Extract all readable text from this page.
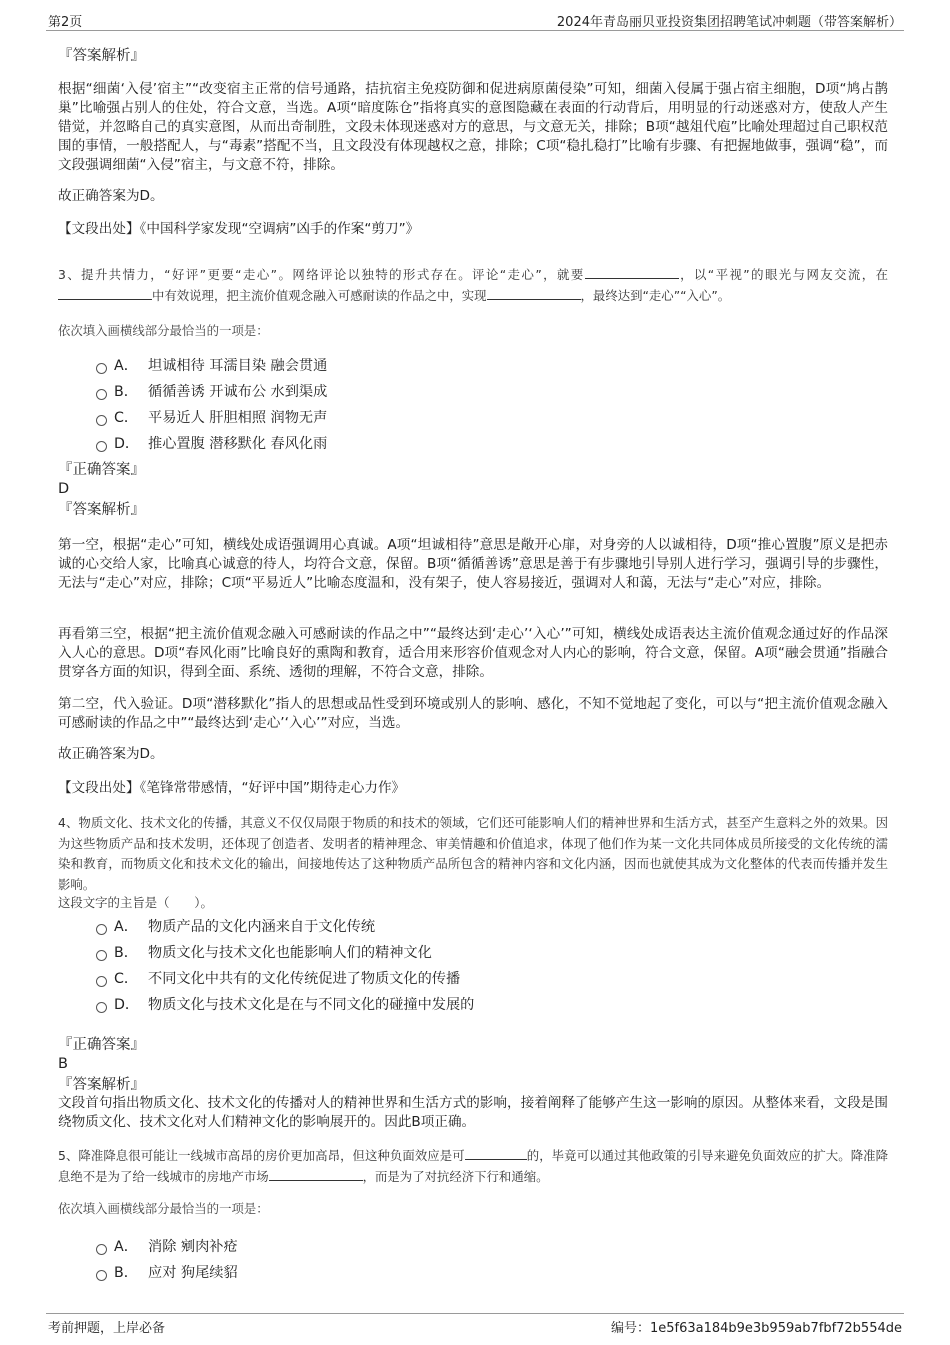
第2页	2024年青岛丽贝亚投资集团招聘笔试冲刺题（带答案解析）
『答案解析』
根据“细菌‘入侵’宿主”“改变宿主正常的信号通路，拮抗宿主免疫防御和促进病原菌侵染”可知，细菌入侵属于强占宿主细胞，D项“鸠占鹊巢”比喻强占别人的住处，符合文意，当选。A项“暗度陈仓”指将真实的意图隐藏在表面的行动背后，用明显的行动迷惑对方，使敌人产生错觉，并忽略自己的真实意图，从而出奇制胜，文段未体现迷惑对方的意思，与文意无关，排除；B项“越俎代庖”比喻处理超过自己职权范围的事情，一般搭配人，与“毒素”搭配不当，且文段没有体现越权之意，排除；C项“稳扎稳打”比喻有步骤、有把握地做事，强调“稳”，而文段强调细菌“入侵”宿主，与文意不符，排除。
故正确答案为D。
【文段出处】《中国科学家发现“空调病”凶手的作案“剪刀”》
3、提升共情力，“好评”更要“走心”。网络评论以独特的形式存在。评论“走心”，就要	，以“平视”的眼光与网友交流，在中有效说理，把主流价值观念融入可感耐读的作品之中，实现	，最终达到“走心”“入心”。
依次填入画横线部分最恰当的一项是：
A． 坦诚相待 耳濡目染 融会贯通
B． 循循善诱 开诚布公 水到渠成
C． 平易近人 肝胆相照 润物无声
D． 推心置腹 潜移默化 春风化雨
『正确答案』
D
『答案解析』
第一空，根据“走心”可知，横线处成语强调用心真诚。A项“坦诚相待”意思是敞开心扉，对身旁的人以诚相待，D项“推心置腹”原义是把赤诚的心交给人家，比喻真心诚意的待人，均符合文意，保留。B项“循循善诱”意思是善于有步骤地引导别人进行学习，强调引导的步骤性，无法与“走心”对应，排除；C项“平易近人”比喻态度温和，没有架子，使人容易接近，强调对人和蔼，无法与“走心”对应，排除。
再看第三空，根据“把主流价值观念融入可感耐读的作品之中”“最终达到‘走心’‘入心’”可知，横线处成语表达主流价值观念通过好的作品深入人心的意思。D项“春风化雨”比喻良好的熏陶和教育，适合用来形容价值观念对人内心的影响，符合文意，保留。A项“融会贯通”指融合贯穿各方面的知识，得到全面、系统、透彻的理解，不符合文意，排除。
第二空，代入验证。D项“潜移默化”指人的思想或品性受到环境或别人的影响、感化，不知不觉地起了变化，可以与“把主流价值观念融入可感耐读的作品之中”“最终达到‘走心’‘入心’”对应，当选。
故正确答案为D。
【文段出处】《笔锋常带感情，“好评中国”期待走心力作》
4、物质文化、技术文化的传播，其意义不仅仅局限于物质的和技术的领域，它们还可能影响人们的精神世界和生活方式，甚至产生意料之外的效果。因为这些物质产品和技术发明，还体现了创造者、发明者的精神理念、审美情趣和价值追求，体现了他们作为某一文化共同体成员所接受的文化传统的濡染和教育，而物质文化和技术文化的输出，间接地传达了这种物质产品所包含的精神内容和文化内涵，因而也就使其成为文化整体的代表而传播并发生影响。
这段文字的主旨是（　　）。
A． 物质产品的文化内涵来自于文化传统
B． 物质文化与技术文化也能影响人们的精神文化
C． 不同文化中共有的文化传统促进了物质文化的传播
D． 物质文化与技术文化是在与不同文化的碰撞中发展的
『正确答案』
B
『答案解析』
文段首句指出物质文化、技术文化的传播对人的精神世界和生活方式的影响，接着阐释了能够产生这一影响的原因。从整体来看，文段是围绕物质文化、技术文化对人们精神文化的影响展开的。因此B项正确。
5、降准降息很可能让一线城市高昂的房价更加高昂，但这种负面效应是可	的，毕竟可以通过其他政策的引导来避免负面效应的扩大。降准降息绝不是为了给一线城市的房地产市场	，而是为了对抗经济下行和通缩。
依次填入画横线部分最恰当的一项是：
A． 消除 剜肉补疮
B． 应对 狗尾续貂
考前押题，上岸必备	编号：1e5f63a184b9e3b959ab7fbf72b554de
